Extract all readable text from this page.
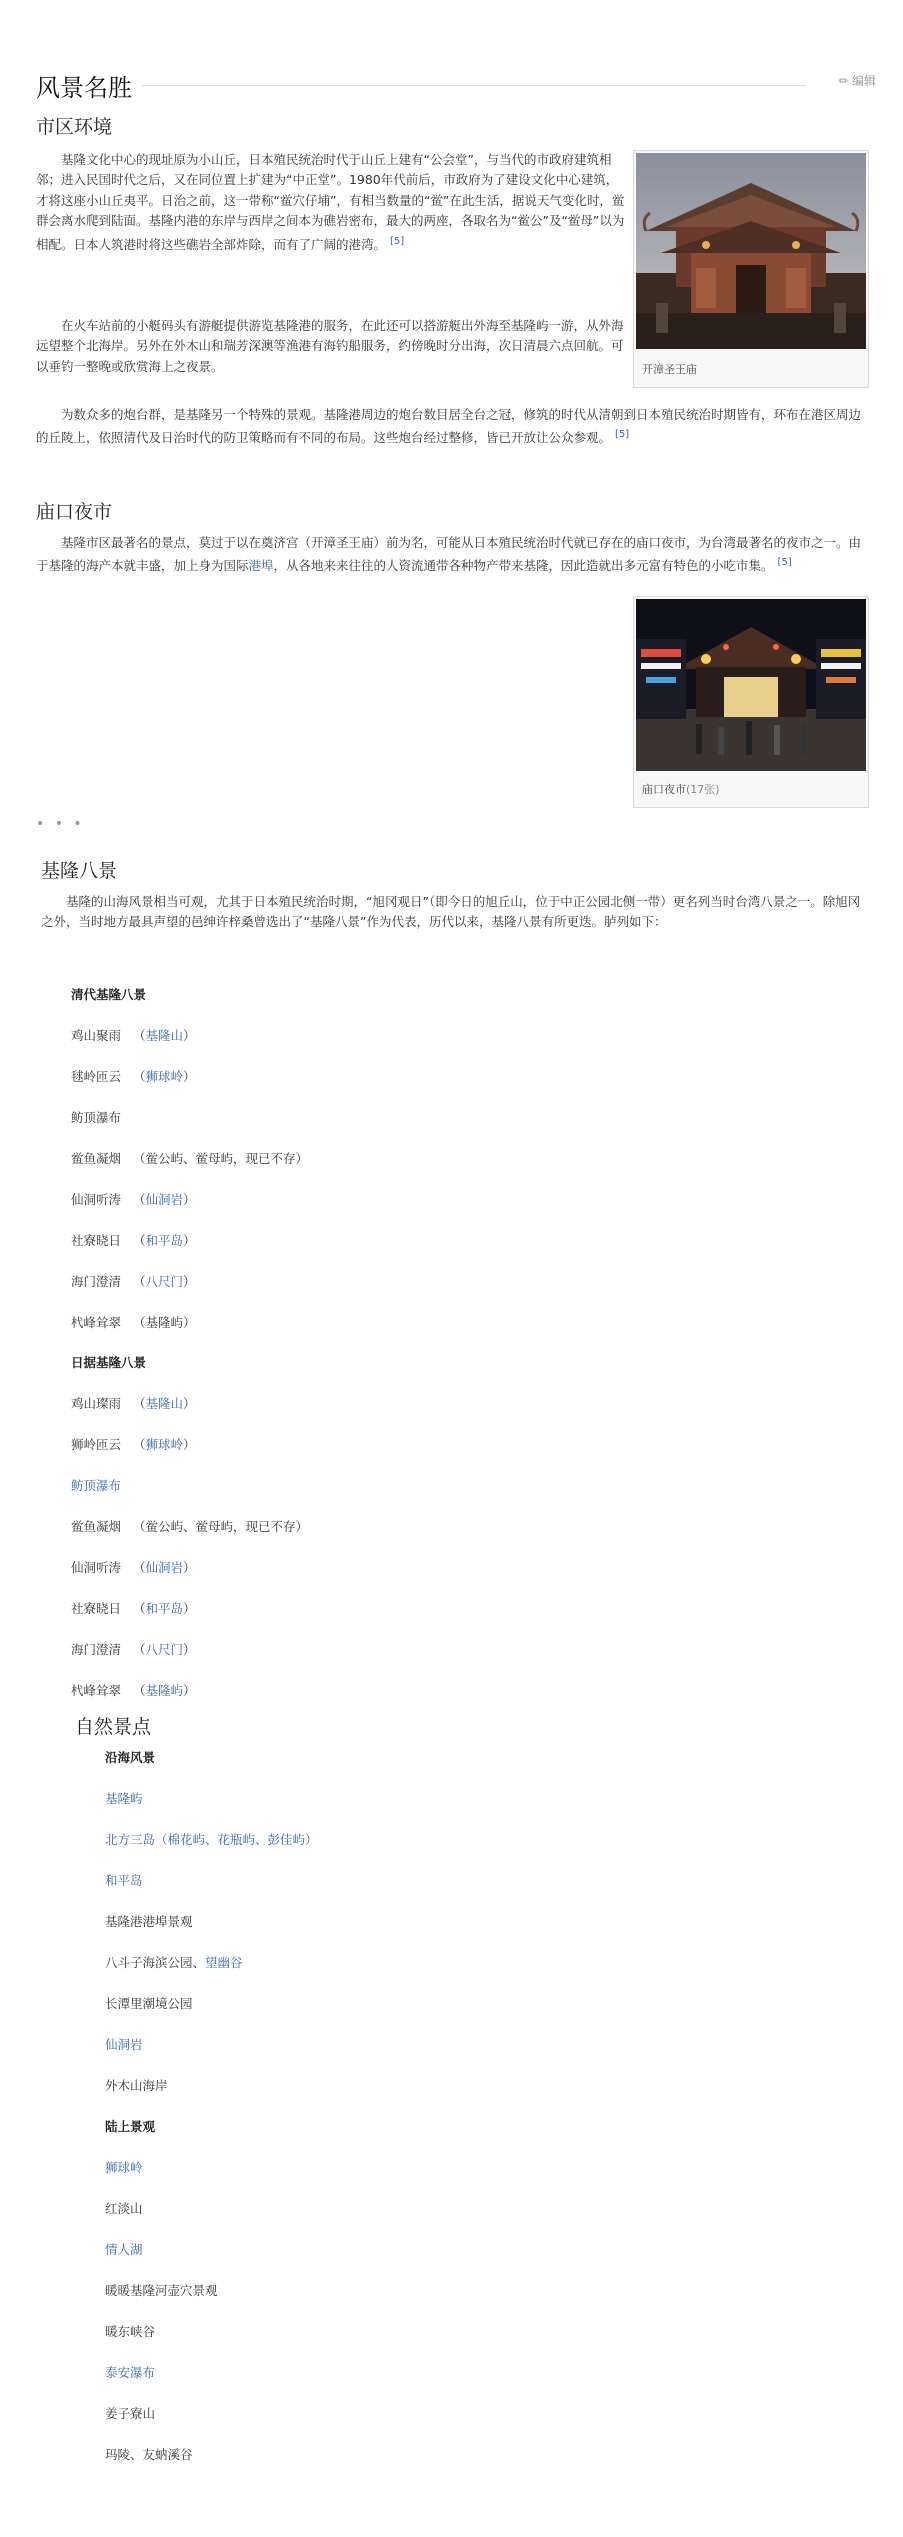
风景名胜	✎编辑
市区环境

基隆文化中心的现址原为小山丘，日本殖民统治时代于山丘上建有“公会堂”，与当代的市政府建筑相邻；进入民国时代之后，又在同位置上扩建为“中正堂”。1980年代前后，市政府为了建设文化中心建筑，才将这座小山丘夷平。日治之前，这一带称“鲎穴仔埔”，有相当数量的“鲎”在此生活，据说天气变化时，鲎群会离水爬到陆面。基隆内港的东岸与西岸之间本为礁岩密布，最大的两座，各取名为“鲎公”及“鲎母”以为相配。日本人筑港时将这些礁岩全部炸除，而有了广阔的港湾。 [5]

在火车站前的小艇码头有游艇提供游览基隆港的服务，在此还可以搭游艇出外海至基隆屿一游，从外海远望整个北海岸。另外在外木山和瑞芳深澳等渔港有海钓船服务，约傍晚时分出海，次日清晨六点回航。可以垂钓一整晚或欣赏海上之夜景。

为数众多的炮台群，是基隆另一个特殊的景观。基隆港周边的炮台数目居全台之冠，修筑的时代从清朝到日本殖民统治时期皆有，环布在港区周边的丘陵上，依照清代及日治时代的防卫策略而有不同的布局。这些炮台经过整修，皆已开放让公众参观。 [5]

开漳圣王庙
庙口夜市

基隆市区最著名的景点，莫过于以在奠济宫（开漳圣王庙）前为名，可能从日本殖民统治时代就已存在的庙口夜市，为台湾最著名的夜市之一。由于基隆的海产本就丰盛，加上身为国际港埠，从各地来来往往的人资流通带各种物产带来基隆，因此造就出多元富有特色的小吃市集。 [5]

庙口夜市(17张)
• • •
基隆八景

基隆的山海风景相当可观，尤其于日本殖民统治时期，“旭冈观日”（即今日的旭丘山，位于中正公园北侧一带）更名列当时台湾八景之一。除旭冈之外，当时地方最具声望的邑绅许梓桑曾选出了“基隆八景”作为代表，历代以来，基隆八景有所更迭。胪列如下：

清代基隆八景
鸡山聚雨 （基隆山）
毬岭匝云 （狮球岭）
鲂顶瀑布
鲎鱼凝烟 （鲎公屿、鲎母屿，现已不存）
仙洞听涛 （仙洞岩）
社寮晓日 （和平岛）
海门澄清 （八尺门）
杙峰耸翠 （基隆屿）
日据基隆八景
鸡山璨雨 （基隆山）
狮岭匝云 （狮球岭）
鲂顶瀑布
鲎鱼凝烟 （鲎公屿、鲎母屿，现已不存）
仙洞听涛 （仙洞岩）
社寮晓日 （和平岛）
海门澄清 （八尺门）
杙峰耸翠 （基隆屿）
自然景点
沿海风景
基隆屿
北方三岛（棉花屿、花瓶屿、彭佳屿）
和平岛
基隆港港埠景观
八斗子海滨公园、望幽谷
长潭里潮境公园
仙洞岩
外木山海岸
陆上景观
狮球岭
红淡山
情人湖
暖暖基隆河壶穴景观
暖东峡谷
泰安瀑布
姜子寮山
玛陵、友蚋溪谷
